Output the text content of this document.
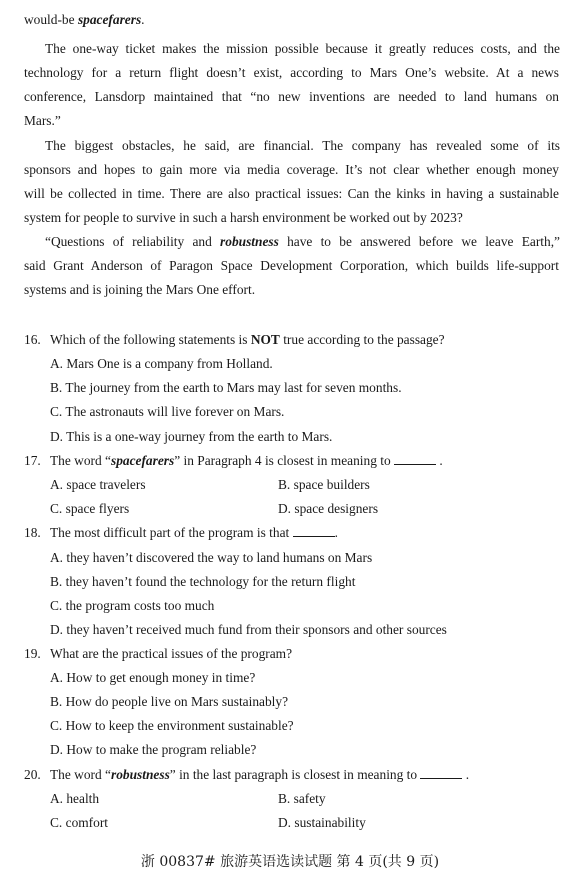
would-be spacefarers.
The one-way ticket makes the mission possible because it greatly reduces costs, and the
technology for a return flight doesn’t exist, according to Mars One’s website. At a news
conference, Lansdorp maintained that “no new inventions are needed to land humans on
Mars.”
The biggest obstacles, he said, are financial. The company has revealed some of its
sponsors and hopes to gain more via media coverage. It’s not clear whether enough money
will be collected in time. There are also practical issues: Can the kinks in having a sustainable
system for people to survive in such a harsh environment be worked out by 2023?
“Questions of reliability and robustness have to be answered before we leave Earth,”
said Grant Anderson of Paragon Space Development Corporation, which builds life-support
systems and is joining the Mars One effort.
16. Which of the following statements is NOT true according to the passage?
A. Mars One is a company from Holland.
B. The journey from the earth to Mars may last for seven months.
C. The astronauts will live forever on Mars.
D. This is a one-way journey from the earth to Mars.
17. The word “spacefarers” in Paragraph 4 is closest in meaning to	.
A. space travelers	B. space builders
C. space flyers	D. space designers
18. The most difficult part of the program is that	.
A. they haven’t discovered the way to land humans on Mars
B. they haven’t found the technology for the return flight
C. the program costs too much
D. they haven’t received much fund from their sponsors and other sources
19. What are the practical issues of the program?
A. How to get enough money in time?
B. How do people live on Mars sustainably?
C. How to keep the environment sustainable?
D. How to make the program reliable?
20. The word “robustness” in the last paragraph is closest in meaning to	.
A. health	B. safety
C. comfort	D. sustainability
浙 00837# 旅游英语选读试题 第 4 页(共 9 页)
